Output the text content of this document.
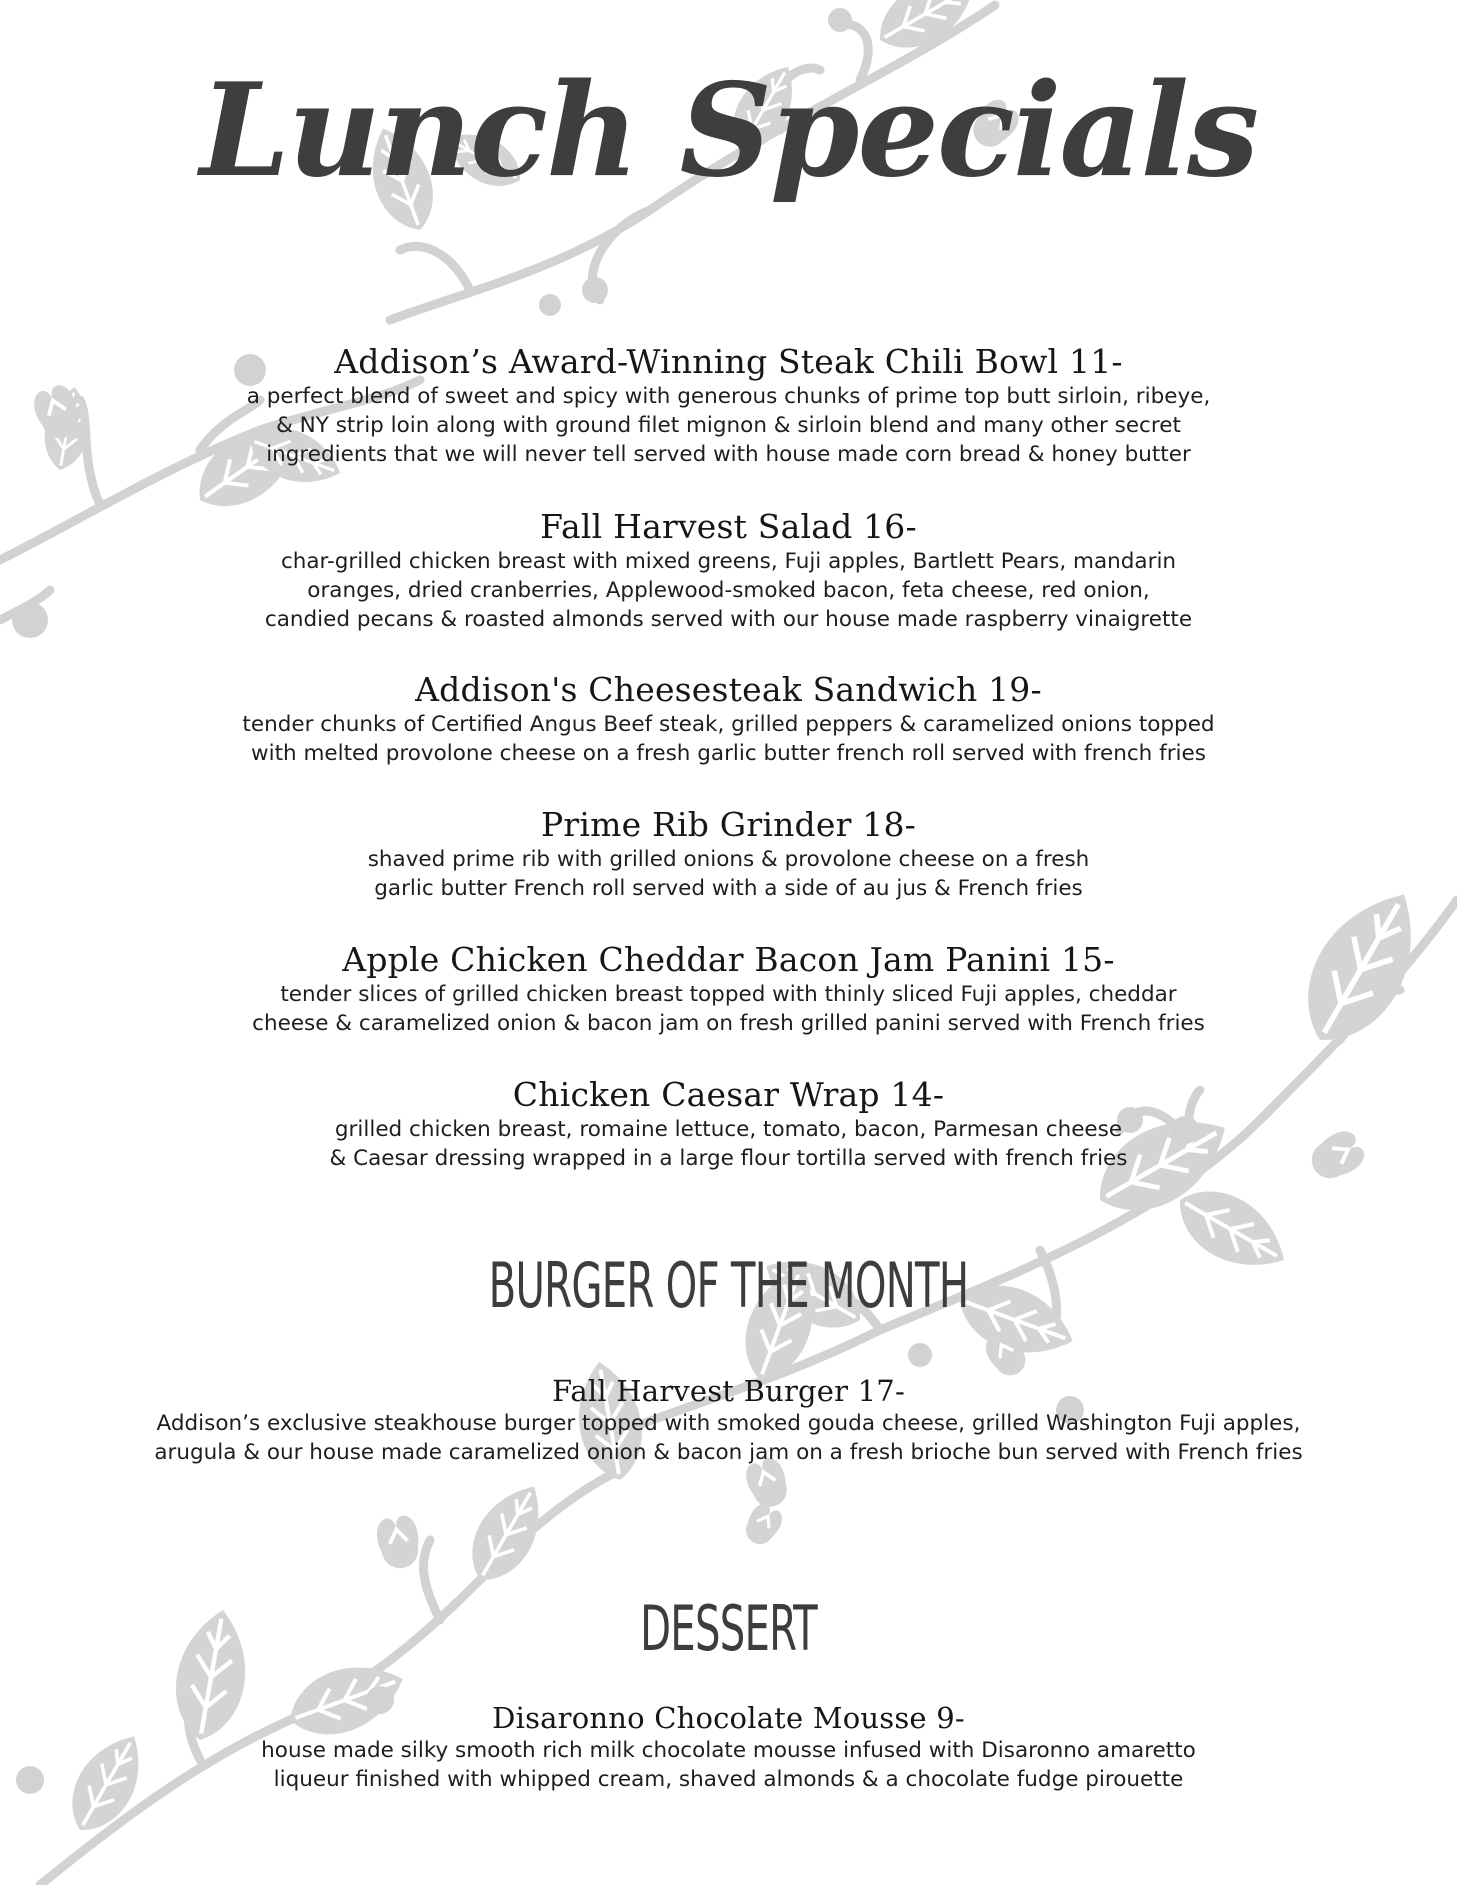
Lunch Specials

Addison’s Award-Winning Steak Chili Bowl 11-

a perfect blend of sweet and spicy with generous chunks of prime top butt sirloin, ribeye,
& NY strip loin along with ground filet mignon & sirloin blend and many other secret
ingredients that we will never tell served with house made corn bread & honey butter

Fall Harvest Salad 16-

char-grilled chicken breast with mixed greens, Fuji apples, Bartlett Pears, mandarin
oranges, dried cranberries, Applewood-smoked bacon, feta cheese, red onion,
candied pecans & roasted almonds served with our house made raspberry vinaigrette

Addison's Cheesesteak Sandwich 19-

tender chunks of Certified Angus Beef steak, grilled peppers & caramelized onions topped
with melted provolone cheese on a fresh garlic butter french roll served with french fries

Prime Rib Grinder 18-

shaved prime rib with grilled onions & provolone cheese on a fresh
garlic butter French roll served with a side of au jus & French fries

Apple Chicken Cheddar Bacon Jam Panini 15-

tender slices of grilled chicken breast topped with thinly sliced Fuji apples, cheddar
cheese & caramelized onion & bacon jam on fresh grilled panini served with French fries

Chicken Caesar Wrap 14-

grilled chicken breast, romaine lettuce, tomato, bacon, Parmesan cheese
& Caesar dressing wrapped in a large flour tortilla served with french fries

BURGER OF THE MONTH

Fall Harvest Burger 17-

Addison’s exclusive steakhouse burger topped with smoked gouda cheese, grilled Washington Fuji apples,
arugula & our house made caramelized onion & bacon jam on a fresh brioche bun served with French fries

DESSERT

Disaronno Chocolate Mousse 9-

house made silky smooth rich milk chocolate mousse infused with Disaronno amaretto
liqueur finished with whipped cream, shaved almonds & a chocolate fudge pirouette
